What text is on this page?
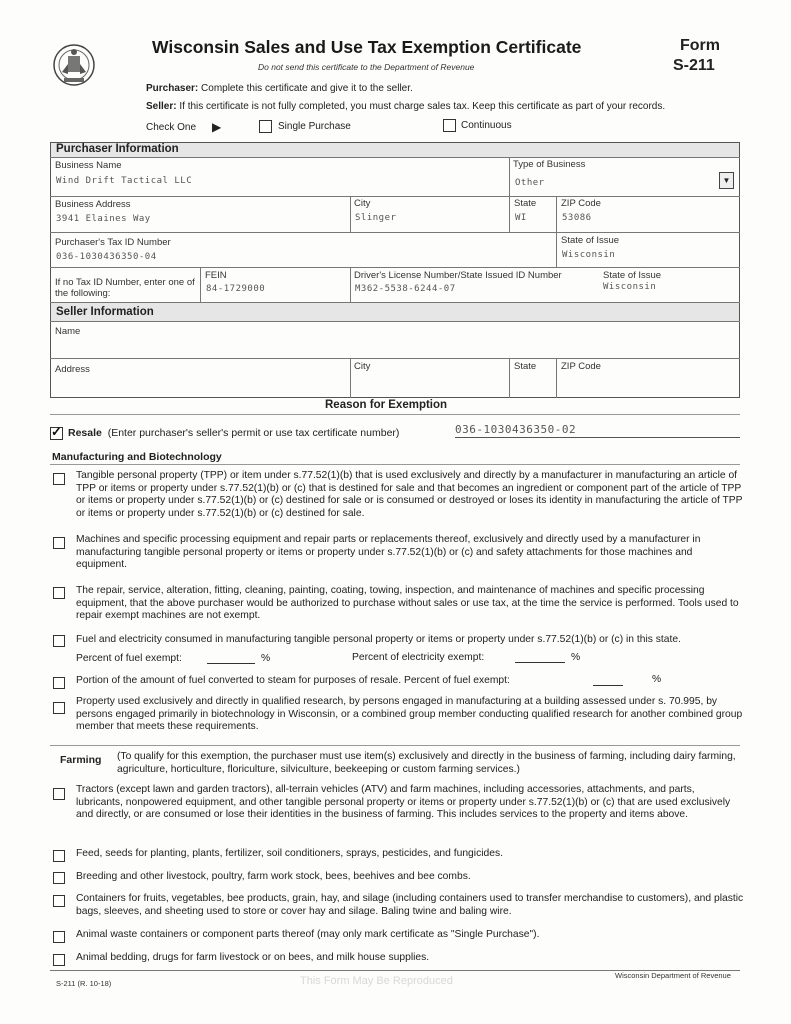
Wisconsin Sales and Use Tax Exemption Certificate
Do not send this certificate to the Department of Revenue
Form
S-211
Purchaser: Complete this certificate and give it to the seller.
Seller: If this certificate is not fully completed, you must charge sales tax. Keep this certificate as part of your records.
Check One ▶	Single Purchase	Continuous
Purchaser Information
Business Name
Wind Drift Tactical LLC
Type of Business
Other	▼
Business Address
3941 Elaines Way
City
Slinger
State
WI
ZIP Code
53086
Purchaser's Tax ID Number
036-1030436350-04
State of Issue
Wisconsin
If no Tax ID Number, enter one of the following:
FEIN
84-1729000
Driver's License Number/State Issued ID Number
M362-5538-6244-07
State of Issue
Wisconsin
Seller Information
Name
Address	City	State	ZIP Code
Reason for Exemption
✓ Resale (Enter purchaser's seller's permit or use tax certificate number)	036-1030436350-02
Manufacturing and Biotechnology
Tangible personal property (TPP) or item under s.77.52(1)(b) that is used exclusively and directly by a manufacturer in manufacturing an article of TPP or items or property under s.77.52(1)(b) or (c) that is destined for sale and that becomes an ingredient or component part of the article of TPP or items or property under s.77.52(1)(b) or (c) destined for sale or is consumed or destroyed or loses its identity in manufacturing the article of TPP or items or property under s.77.52(1)(b) or (c) destined for sale.
Machines and specific processing equipment and repair parts or replacements thereof, exclusively and directly used by a manufacturer in manufacturing tangible personal property or items or property under s.77.52(1)(b) or (c) and safety attachments for those machines and equipment.
The repair, service, alteration, fitting, cleaning, painting, coating, towing, inspection, and maintenance of machines and specific processing equipment, that the above purchaser would be authorized to purchase without sales or use tax, at the time the service is performed. Tools used to repair exempt machines are not exempt.
Fuel and electricity consumed in manufacturing tangible personal property or items or property under s.77.52(1)(b) or (c) in this state.
Percent of fuel exempt:	%	Percent of electricity exempt:	%
Portion of the amount of fuel converted to steam for purposes of resale. Percent of fuel exempt:	%
Property used exclusively and directly in qualified research, by persons engaged in manufacturing at a building assessed under s. 70.995, by persons engaged primarily in biotechnology in Wisconsin, or a combined group member conducting qualified research for another combined group member that meets these requirements.
Farming (To qualify for this exemption, the purchaser must use item(s) exclusively and directly in the business of farming, including dairy farming, agriculture, horticulture, floriculture, silviculture, beekeeping or custom farming services.)
Tractors (except lawn and garden tractors), all-terrain vehicles (ATV) and farm machines, including accessories, attachments, and parts, lubricants, nonpowered equipment, and other tangible personal property or items or property under s.77.52(1)(b) or (c) that are used exclusively and directly, or are consumed or lose their identities in the business of farming. This includes services to the property and items above.
Feed, seeds for planting, plants, fertilizer, soil conditioners, sprays, pesticides, and fungicides.
Breeding and other livestock, poultry, farm work stock, bees, beehives and bee combs.
Containers for fruits, vegetables, bee products, grain, hay, and silage (including containers used to transfer merchandise to customers), and plastic bags, sleeves, and sheeting used to store or cover hay and silage. Baling twine and baling wire.
Animal waste containers or component parts thereof (may only mark certificate as "Single Purchase").
Animal bedding, drugs for farm livestock or on bees, and milk house supplies.
S-211 (R. 10-18)	This Form May Be Reproduced	Wisconsin Department of Revenue
